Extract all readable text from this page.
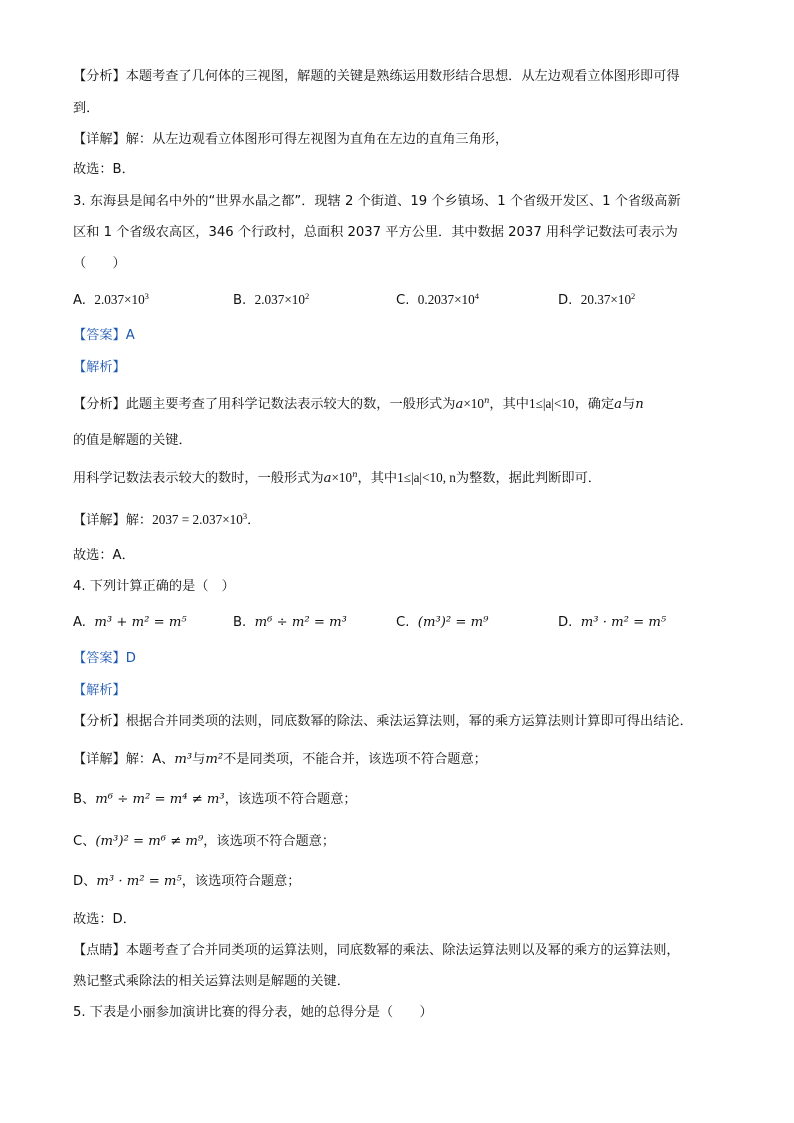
【分析】本题考查了几何体的三视图，解题的关键是熟练运用数形结合思想．从左边观看立体图形即可得
到．
【详解】解：从左边观看立体图形可得左视图为直角在左边的直角三角形，
故选：B．
3. 东海县是闻名中外的“世界水晶之都”．现辖 2 个街道、19 个乡镇场、1 个省级开发区、1 个省级高新
区和 1 个省级农高区，346 个行政村，总面积 2037 平方公里．其中数据 2037 用科学记数法可表示为
（　　）
A. $2.037\times 10^3$	B. $2.037\times 10^2$	C. $0.2037\times 10^4$	D. $20.37\times 10^2$
【答案】A
【解析】
【分析】此题主要考查了用科学记数法表示较大的数，一般形式为$a\times 10^n$，其中1≤|a|<10，确定a与n
的值是解题的关键．
用科学记数法表示较大的数时，一般形式为$a\times 10^n$，其中1≤|a|<10, n为整数，据此判断即可．
【详解】解：$2037 = 2.037\times 10^3$．
故选：A．
4. 下列计算正确的是（　）
A. m³ + m² = m⁵	B. m⁶ ÷ m² = m³	C. (m³)² = m⁹	D. m³ · m² = m⁵
【答案】D
【解析】
【分析】根据合并同类项的法则，同底数幂的除法、乘法运算法则，幂的乘方运算法则计算即可得出结论．
【详解】解：A、m³与m²不是同类项，不能合并，该选项不符合题意；
B、m⁶ ÷ m² = m⁴ ≠ m³，该选项不符合题意；
C、(m³)² = m⁶ ≠ m⁹，该选项不符合题意；
D、m³ · m² = m⁵，该选项符合题意；
故选：D．
【点睛】本题考查了合并同类项的运算法则，同底数幂的乘法、除法运算法则以及幂的乘方的运算法则，
熟记整式乘除法的相关运算法则是解题的关键．
5. 下表是小丽参加演讲比赛的得分表，她的总得分是（　　）
